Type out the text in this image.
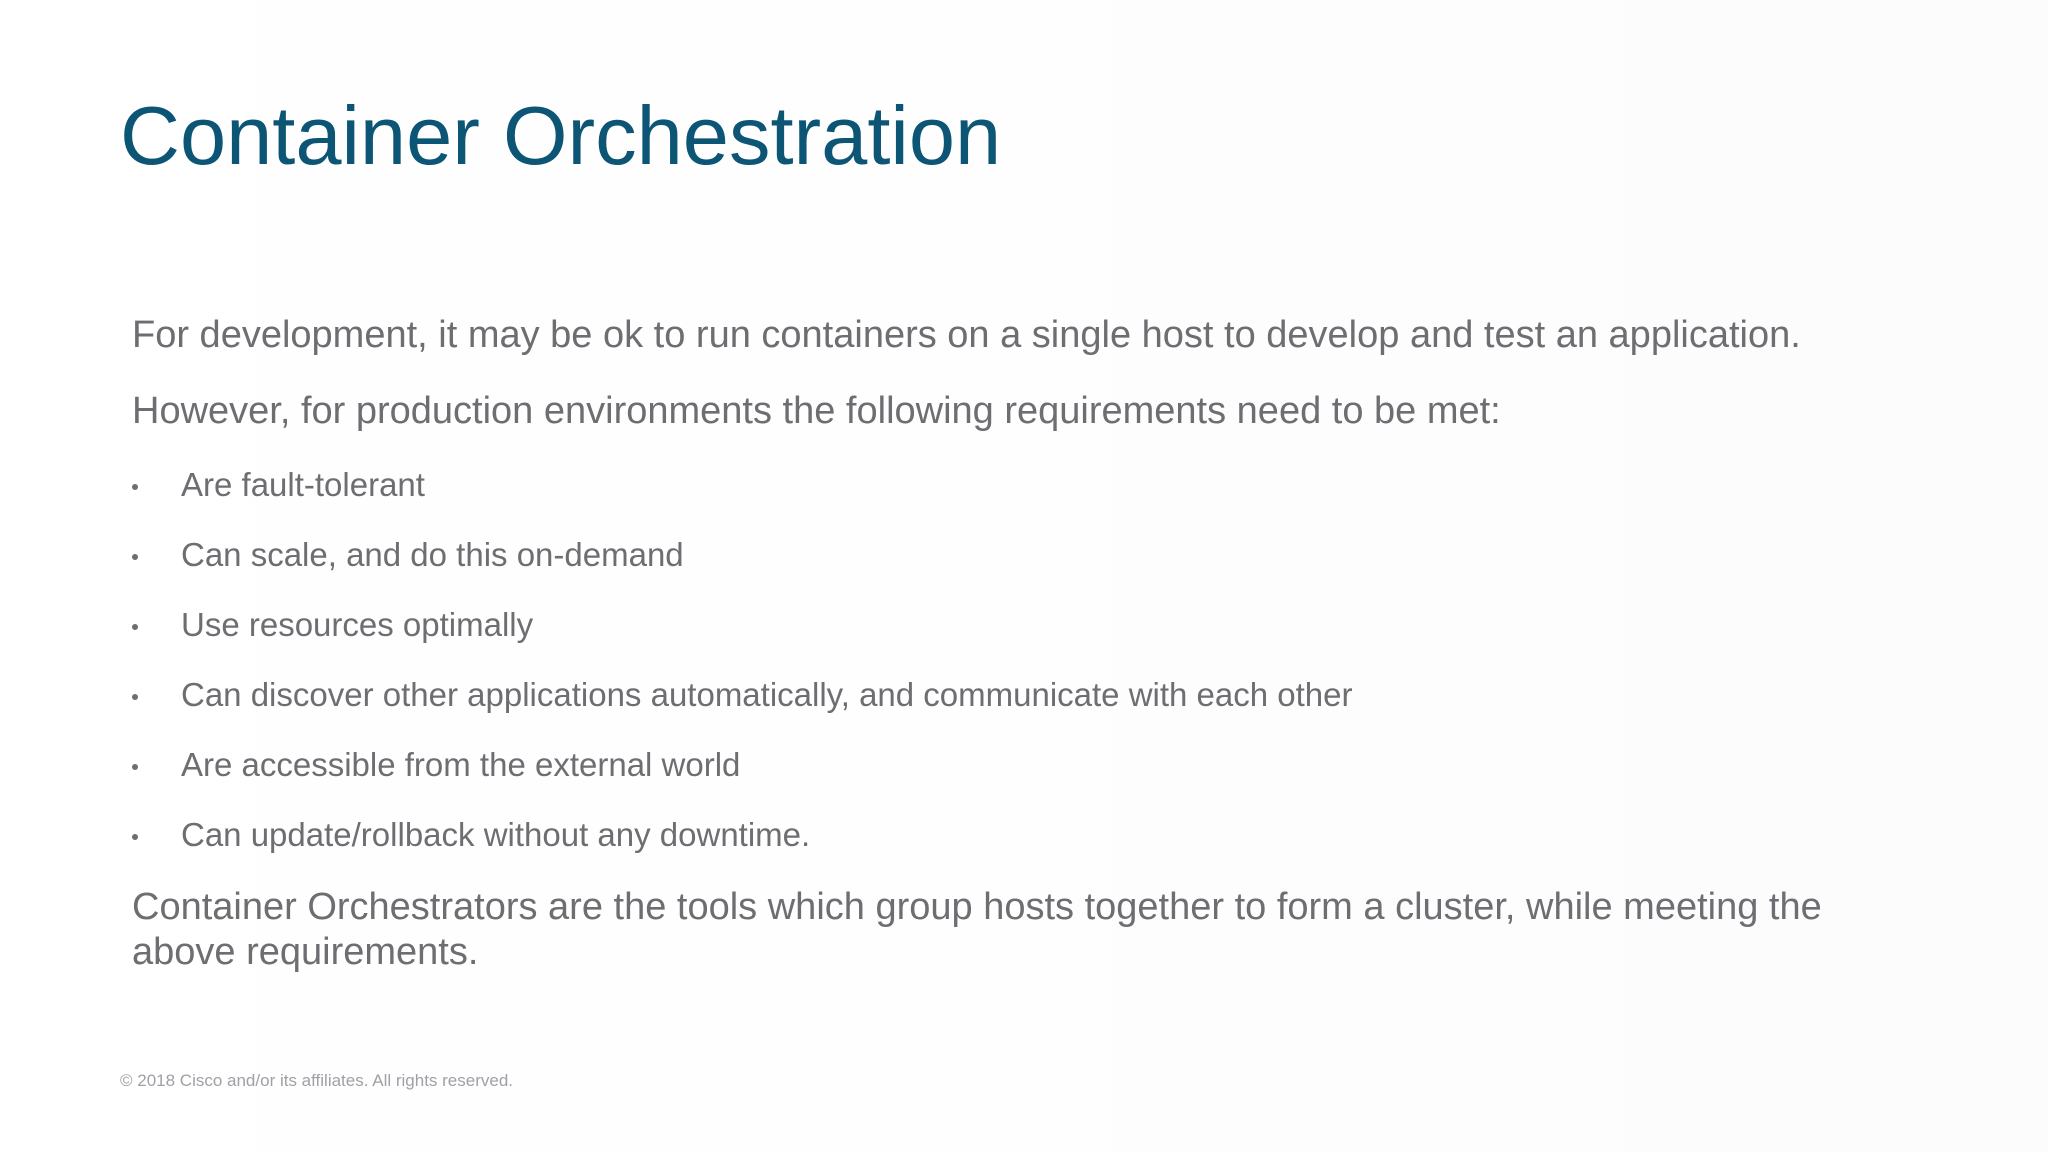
Container Orchestration

For development, it may be ok to run containers on a single host to develop and test an application.

However, for production environments the following requirements need to be met:

Are fault-tolerant
Can scale, and do this on-demand
Use resources optimally
Can discover other applications automatically, and communicate with each other
Are accessible from the external world
Can update/rollback without any downtime.

Container Orchestrators are the tools which group hosts together to form a cluster, while meeting the above requirements.

© 2018 Cisco and/or its affiliates. All rights reserved.
